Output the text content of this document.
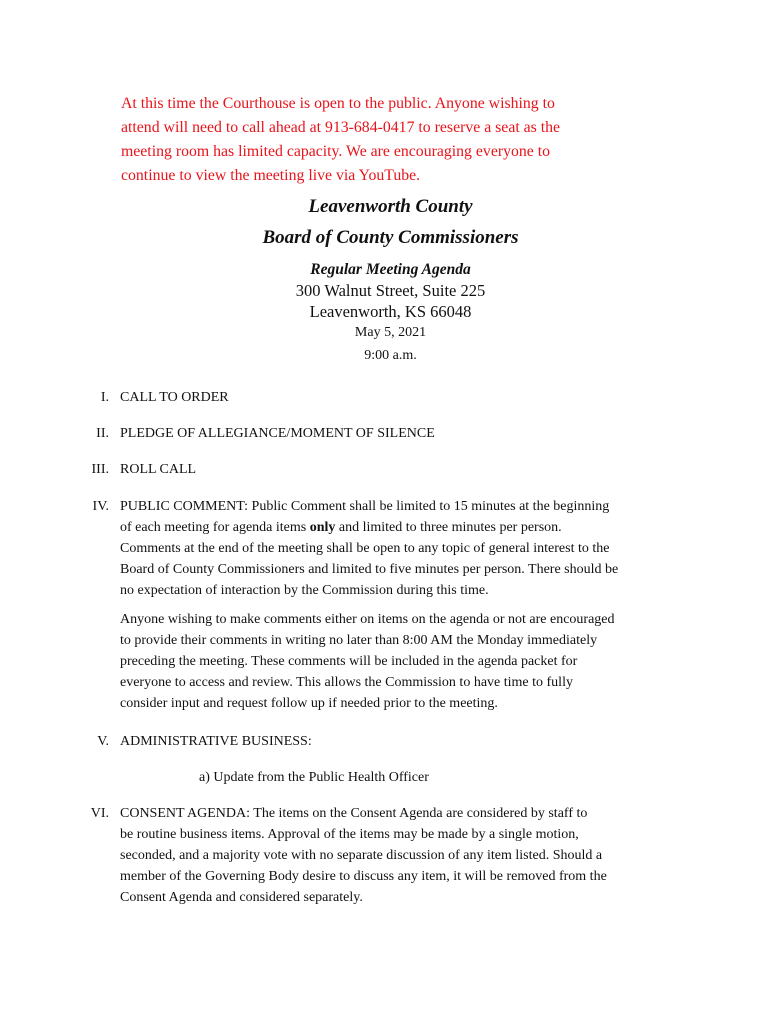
At this time the Courthouse is open to the public. Anyone wishing to
attend will need to call ahead at 913-684-0417 to reserve a seat as the
meeting room has limited capacity. We are encouraging everyone to
continue to view the meeting live via YouTube.
Leavenworth County
Board of County Commissioners
Regular Meeting Agenda
300 Walnut Street, Suite 225
Leavenworth, KS 66048
May 5, 2021
9:00 a.m.
I. CALL TO ORDER
II. PLEDGE OF ALLEGIANCE/MOMENT OF SILENCE
III. ROLL CALL
IV. PUBLIC COMMENT: Public Comment shall be limited to 15 minutes at the beginning
of each meeting for agenda items only and limited to three minutes per person.
Comments at the end of the meeting shall be open to any topic of general interest to the
Board of County Commissioners and limited to five minutes per person. There should be
no expectation of interaction by the Commission during this time.
Anyone wishing to make comments either on items on the agenda or not are encouraged
to provide their comments in writing no later than 8:00 AM the Monday immediately
preceding the meeting. These comments will be included in the agenda packet for
everyone to access and review. This allows the Commission to have time to fully
consider input and request follow up if needed prior to the meeting.
V. ADMINISTRATIVE BUSINESS:
a) Update from the Public Health Officer
VI. CONSENT AGENDA: The items on the Consent Agenda are considered by staff to
be routine business items. Approval of the items may be made by a single motion,
seconded, and a majority vote with no separate discussion of any item listed. Should a
member of the Governing Body desire to discuss any item, it will be removed from the
Consent Agenda and considered separately.
